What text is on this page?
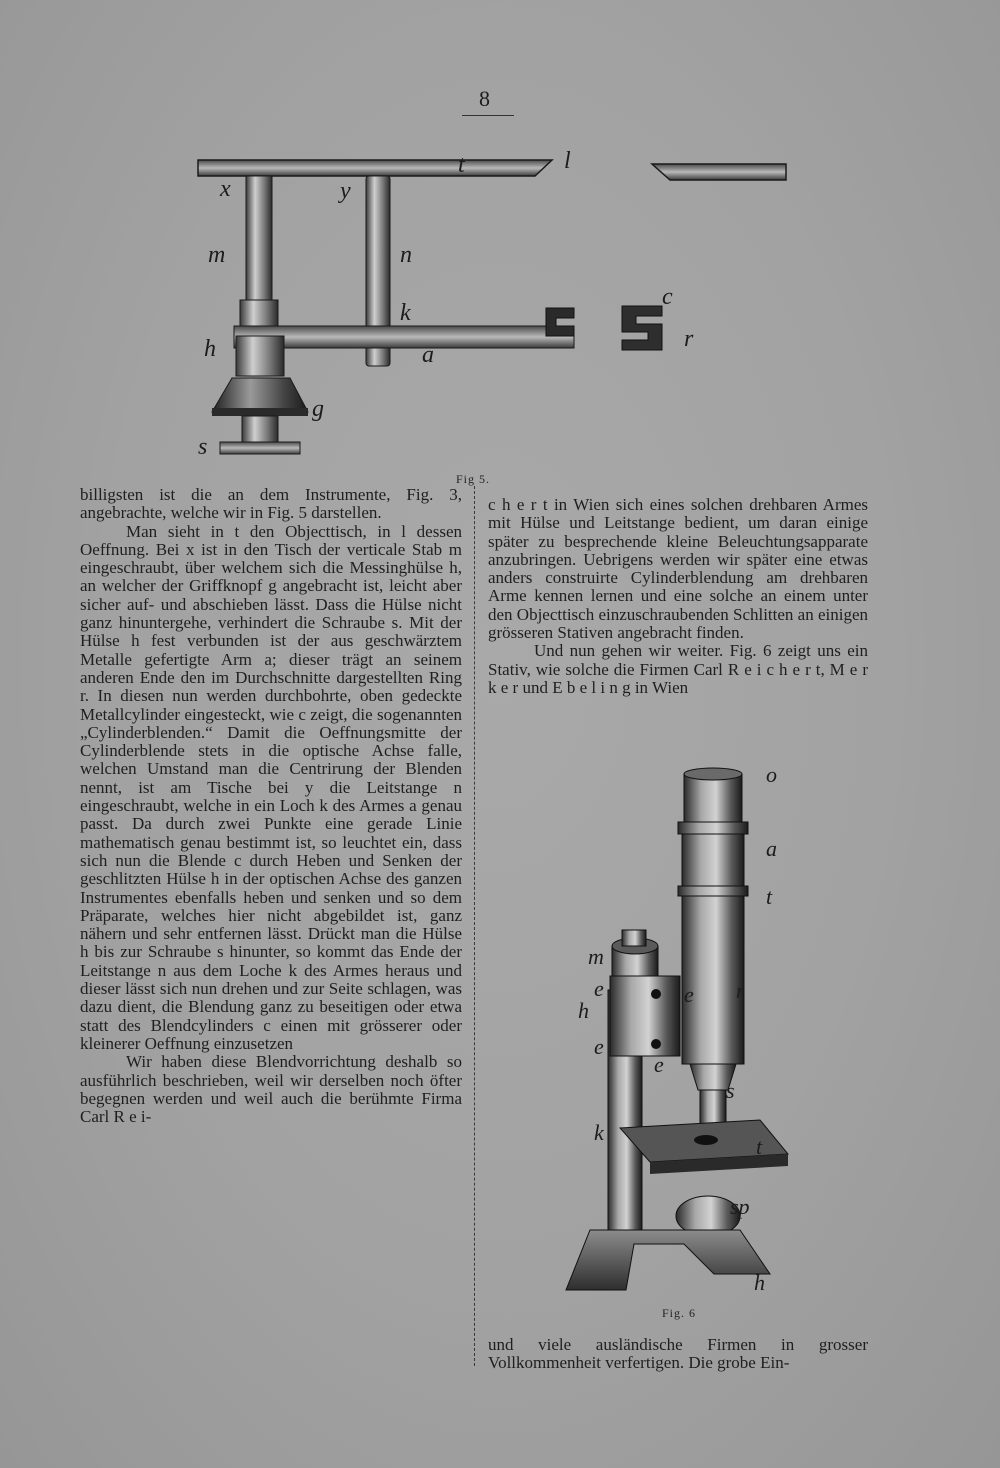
8
t	l
x	y
m	n
k
h	a
c
r
g
s
Fig 5.

billigsten ist die an dem Instrumente, Fig. 3, angebrachte, welche wir in Fig. 5 darstellen.

Man sieht in t den Objecttisch, in l dessen Oeffnung. Bei x ist in den Tisch der verticale Stab m eingeschraubt, über welchem sich die Messinghülse h, an welcher der Griffknopf g angebracht ist, leicht aber sicher auf- und abschieben lässt. Dass die Hülse nicht ganz hinuntergehe, verhindert die Schraube s. Mit der Hülse h fest verbunden ist der aus geschwärztem Metalle gefertigte Arm a; dieser trägt an seinem anderen Ende den im Durchschnitte dargestellten Ring r. In diesen nun werden durchbohrte, oben gedeckte Metallcylinder eingesteckt, wie c zeigt, die sogenannten „Cylinderblenden.“ Damit die Oeffnungsmitte der Cylinderblende stets in die optische Achse falle, welchen Umstand man die Centrirung der Blenden nennt, ist am Tische bei y die Leitstange n eingeschraubt, welche in ein Loch k des Armes a genau passt. Da durch zwei Punkte eine gerade Linie mathematisch genau bestimmt ist, so leuchtet ein, dass sich nun die Blende c durch Heben und Senken der geschlitzten Hülse h in der optischen Achse des ganzen Instrumentes ebenfalls heben und senken und so dem Präparate, welches hier nicht abgebildet ist, ganz nähern und sehr entfernen lässt. Drückt man die Hülse h bis zur Schraube s hinunter, so kommt das Ende der Leitstange n aus dem Loche k des Armes heraus und dieser lässt sich nun drehen und zur Seite schlagen, was dazu dient, die Blendung ganz zu beseitigen oder etwa statt des Blendcylinders c einen mit grösserer oder kleinerer Oeffnung einzusetzen

Wir haben diese Blendvorrichtung deshalb so ausführlich beschrieben, weil wir derselben noch öfter begegnen werden und weil auch die berühmte Firma Carl R e i-

c h e r t in Wien sich eines solchen drehbaren Armes mit Hülse und Leitstange bedient, um daran einige später zu besprechende kleine Beleuchtungsapparate anzubringen. Uebrigens werden wir später eine etwas anders construirte Cylinderblendung am drehbaren Arme kennen lernen und eine solche an einem unter den Objecttisch einzuschraubenden Schlitten an einigen grösseren Stativen angebracht finden.

Und nun gehen wir weiter. Fig. 6 zeigt uns ein Stativ, wie solche die Firmen Carl R e i c h e r t, M e r k e r und E b e l i n g in Wien

o
a
t
m
e	e
h
r
e
e
s
k
t
sp
h
Fig. 6

und viele ausländische Firmen in grosser Vollkommenheit verfertigen. Die grobe Ein-
